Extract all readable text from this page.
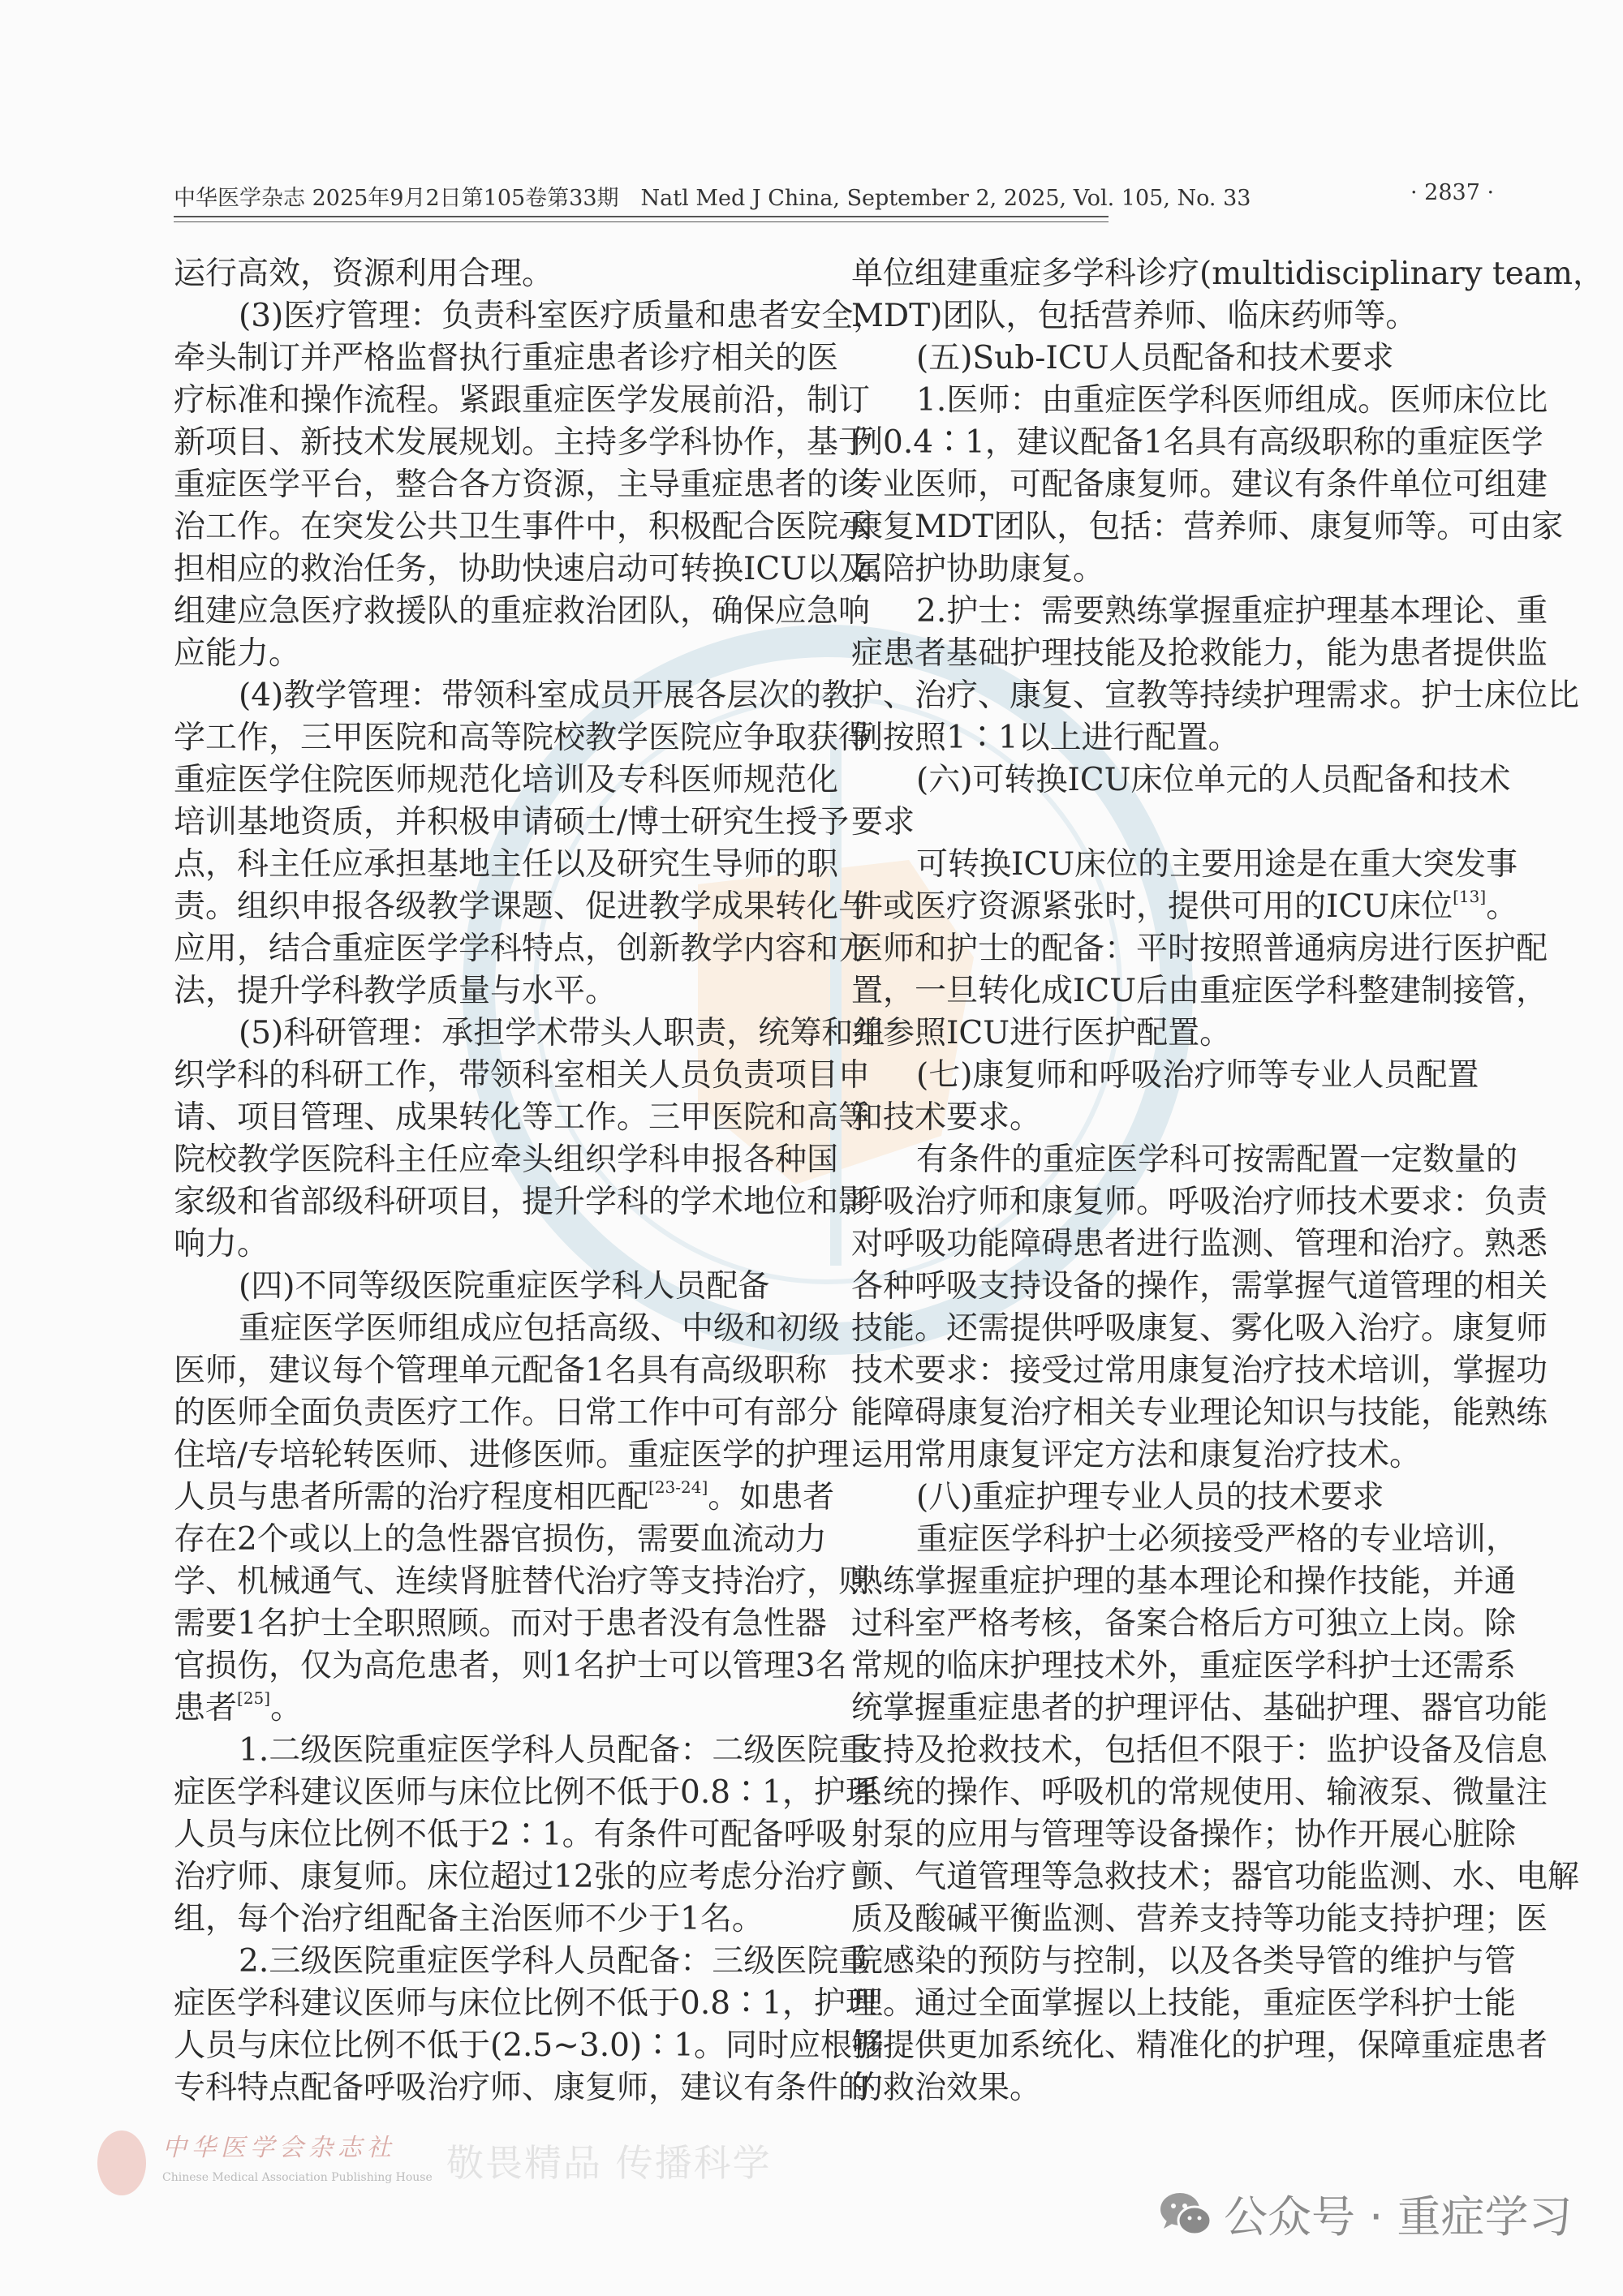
中华医学杂志 2025年9月2日第105卷第33期　Natl Med J China, September 2, 2025, Vol. 105, No. 33	· 2837 ·
运行高效，资源利用合理。
(3)医疗管理：负责科室医疗质量和患者安全，
牵头制订并严格监督执行重症患者诊疗相关的医
疗标准和操作流程。紧跟重症医学发展前沿，制订
新项目、新技术发展规划。主持多学科协作，基于
重症医学平台，整合各方资源，主导重症患者的诊
治工作。在突发公共卫生事件中，积极配合医院承
担相应的救治任务，协助快速启动可转换ICU以及
组建应急医疗救援队的重症救治团队，确保应急响
应能力。
(4)教学管理：带领科室成员开展各层次的教
学工作，三甲医院和高等院校教学医院应争取获得
重症医学住院医师规范化培训及专科医师规范化
培训基地资质，并积极申请硕士/博士研究生授予
点，科主任应承担基地主任以及研究生导师的职
责。组织申报各级教学课题、促进教学成果转化与
应用，结合重症医学学科特点，创新教学内容和方
法，提升学科教学质量与水平。
(5)科研管理：承担学术带头人职责，统筹和组
织学科的科研工作，带领科室相关人员负责项目申
请、项目管理、成果转化等工作。三甲医院和高等
院校教学医院科主任应牵头组织学科申报各种国
家级和省部级科研项目，提升学科的学术地位和影
响力。
(四)不同等级医院重症医学科人员配备
重症医学医师组成应包括高级、中级和初级
医师，建议每个管理单元配备1名具有高级职称
的医师全面负责医疗工作。日常工作中可有部分
住培/专培轮转医师、进修医师。重症医学的护理
人员与患者所需的治疗程度相匹配[23-24]。如患者
存在2个或以上的急性器官损伤，需要血流动力
学、机械通气、连续肾脏替代治疗等支持治疗，则
需要1名护士全职照顾。而对于患者没有急性器
官损伤，仅为高危患者，则1名护士可以管理3名
患者[25]。
1.二级医院重症医学科人员配备：二级医院重
症医学科建议医师与床位比例不低于0.8∶1，护理
人员与床位比例不低于2∶1。有条件可配备呼吸
治疗师、康复师。床位超过12张的应考虑分治疗
组，每个治疗组配备主治医师不少于1名。
2.三级医院重症医学科人员配备：三级医院重
症医学科建议医师与床位比例不低于0.8∶1，护理
人员与床位比例不低于(2.5~3.0)∶1。同时应根据
专科特点配备呼吸治疗师、康复师，建议有条件的
单位组建重症多学科诊疗(multidisciplinary team，
MDT)团队，包括营养师、临床药师等。
(五)Sub-ICU人员配备和技术要求
1.医师：由重症医学科医师组成。医师床位比
例0.4∶1，建议配备1名具有高级职称的重症医学
专业医师，可配备康复师。建议有条件单位可组建
康复MDT团队，包括：营养师、康复师等。可由家
属陪护协助康复。
2.护士：需要熟练掌握重症护理基本理论、重
症患者基础护理技能及抢救能力，能为患者提供监
护、治疗、康复、宣教等持续护理需求。护士床位比
例按照1∶1以上进行配置。
(六)可转换ICU床位单元的人员配备和技术
要求
可转换ICU床位的主要用途是在重大突发事
件或医疗资源紧张时，提供可用的ICU床位[13]。
医师和护士的配备：平时按照普通病房进行医护配
置，一旦转化成ICU后由重症医学科整建制接管，
并参照ICU进行医护配置。
(七)康复师和呼吸治疗师等专业人员配置
和技术要求。
有条件的重症医学科可按需配置一定数量的
呼吸治疗师和康复师。呼吸治疗师技术要求：负责
对呼吸功能障碍患者进行监测、管理和治疗。熟悉
各种呼吸支持设备的操作，需掌握气道管理的相关
技能。还需提供呼吸康复、雾化吸入治疗。康复师
技术要求：接受过常用康复治疗技术培训，掌握功
能障碍康复治疗相关专业理论知识与技能，能熟练
运用常用康复评定方法和康复治疗技术。
(八)重症护理专业人员的技术要求
重症医学科护士必须接受严格的专业培训，
熟练掌握重症护理的基本理论和操作技能，并通
过科室严格考核，备案合格后方可独立上岗。除
常规的临床护理技术外，重症医学科护士还需系
统掌握重症患者的护理评估、基础护理、器官功能
支持及抢救技术，包括但不限于：监护设备及信息
系统的操作、呼吸机的常规使用、输液泵、微量注
射泵的应用与管理等设备操作；协作开展心脏除
颤、气道管理等急救技术；器官功能监测、水、电解
质及酸碱平衡监测、营养支持等功能支持护理；医
院感染的预防与控制，以及各类导管的维护与管
理。通过全面掌握以上技能，重症医学科护士能
够提供更加系统化、精准化的护理，保障重症患者
的救治效果。
中华医学会杂志社
Chinese Medical Association Publishing House 敬畏精品 传播科学
公众号 · 重症学习
